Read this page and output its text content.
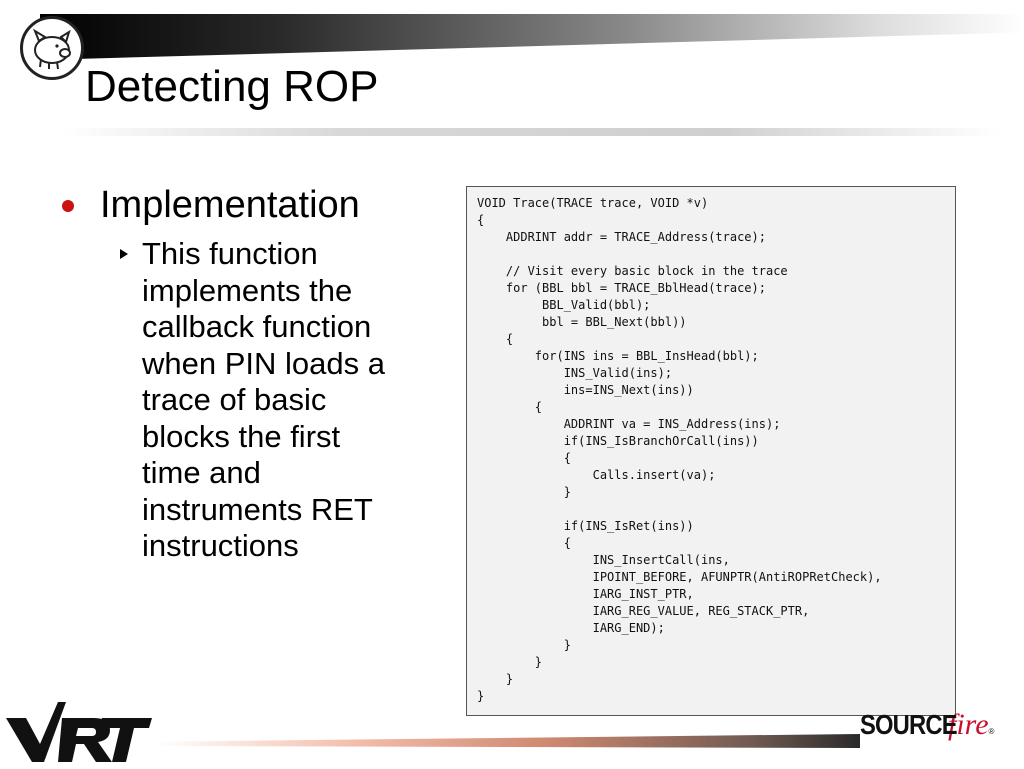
Detecting ROP
Implementation
This function
implements the
callback function
when PIN loads a
trace of basic
blocks the first
time and
instruments RET
instructions
VOID Trace(TRACE trace, VOID *v)
{
ADDRINT addr = TRACE_Address(trace);
// Visit every basic block in the trace
for (BBL bbl = TRACE_BblHead(trace);
BBL_Valid(bbl);
bbl = BBL_Next(bbl))
{
for(INS ins = BBL_InsHead(bbl);
INS_Valid(ins);
ins=INS_Next(ins))
{
ADDRINT va = INS_Address(ins);
if(INS_IsBranchOrCall(ins))
{
Calls.insert(va);
}
if(INS_IsRet(ins))
{
INS_InsertCall(ins,
IPOINT_BEFORE, AFUNPTR(AntiROPRetCheck),
IARG_INST_PTR,
IARG_REG_VALUE, REG_STACK_PTR,
IARG_END);
}
}
}
}
SOURCE
fire ®
